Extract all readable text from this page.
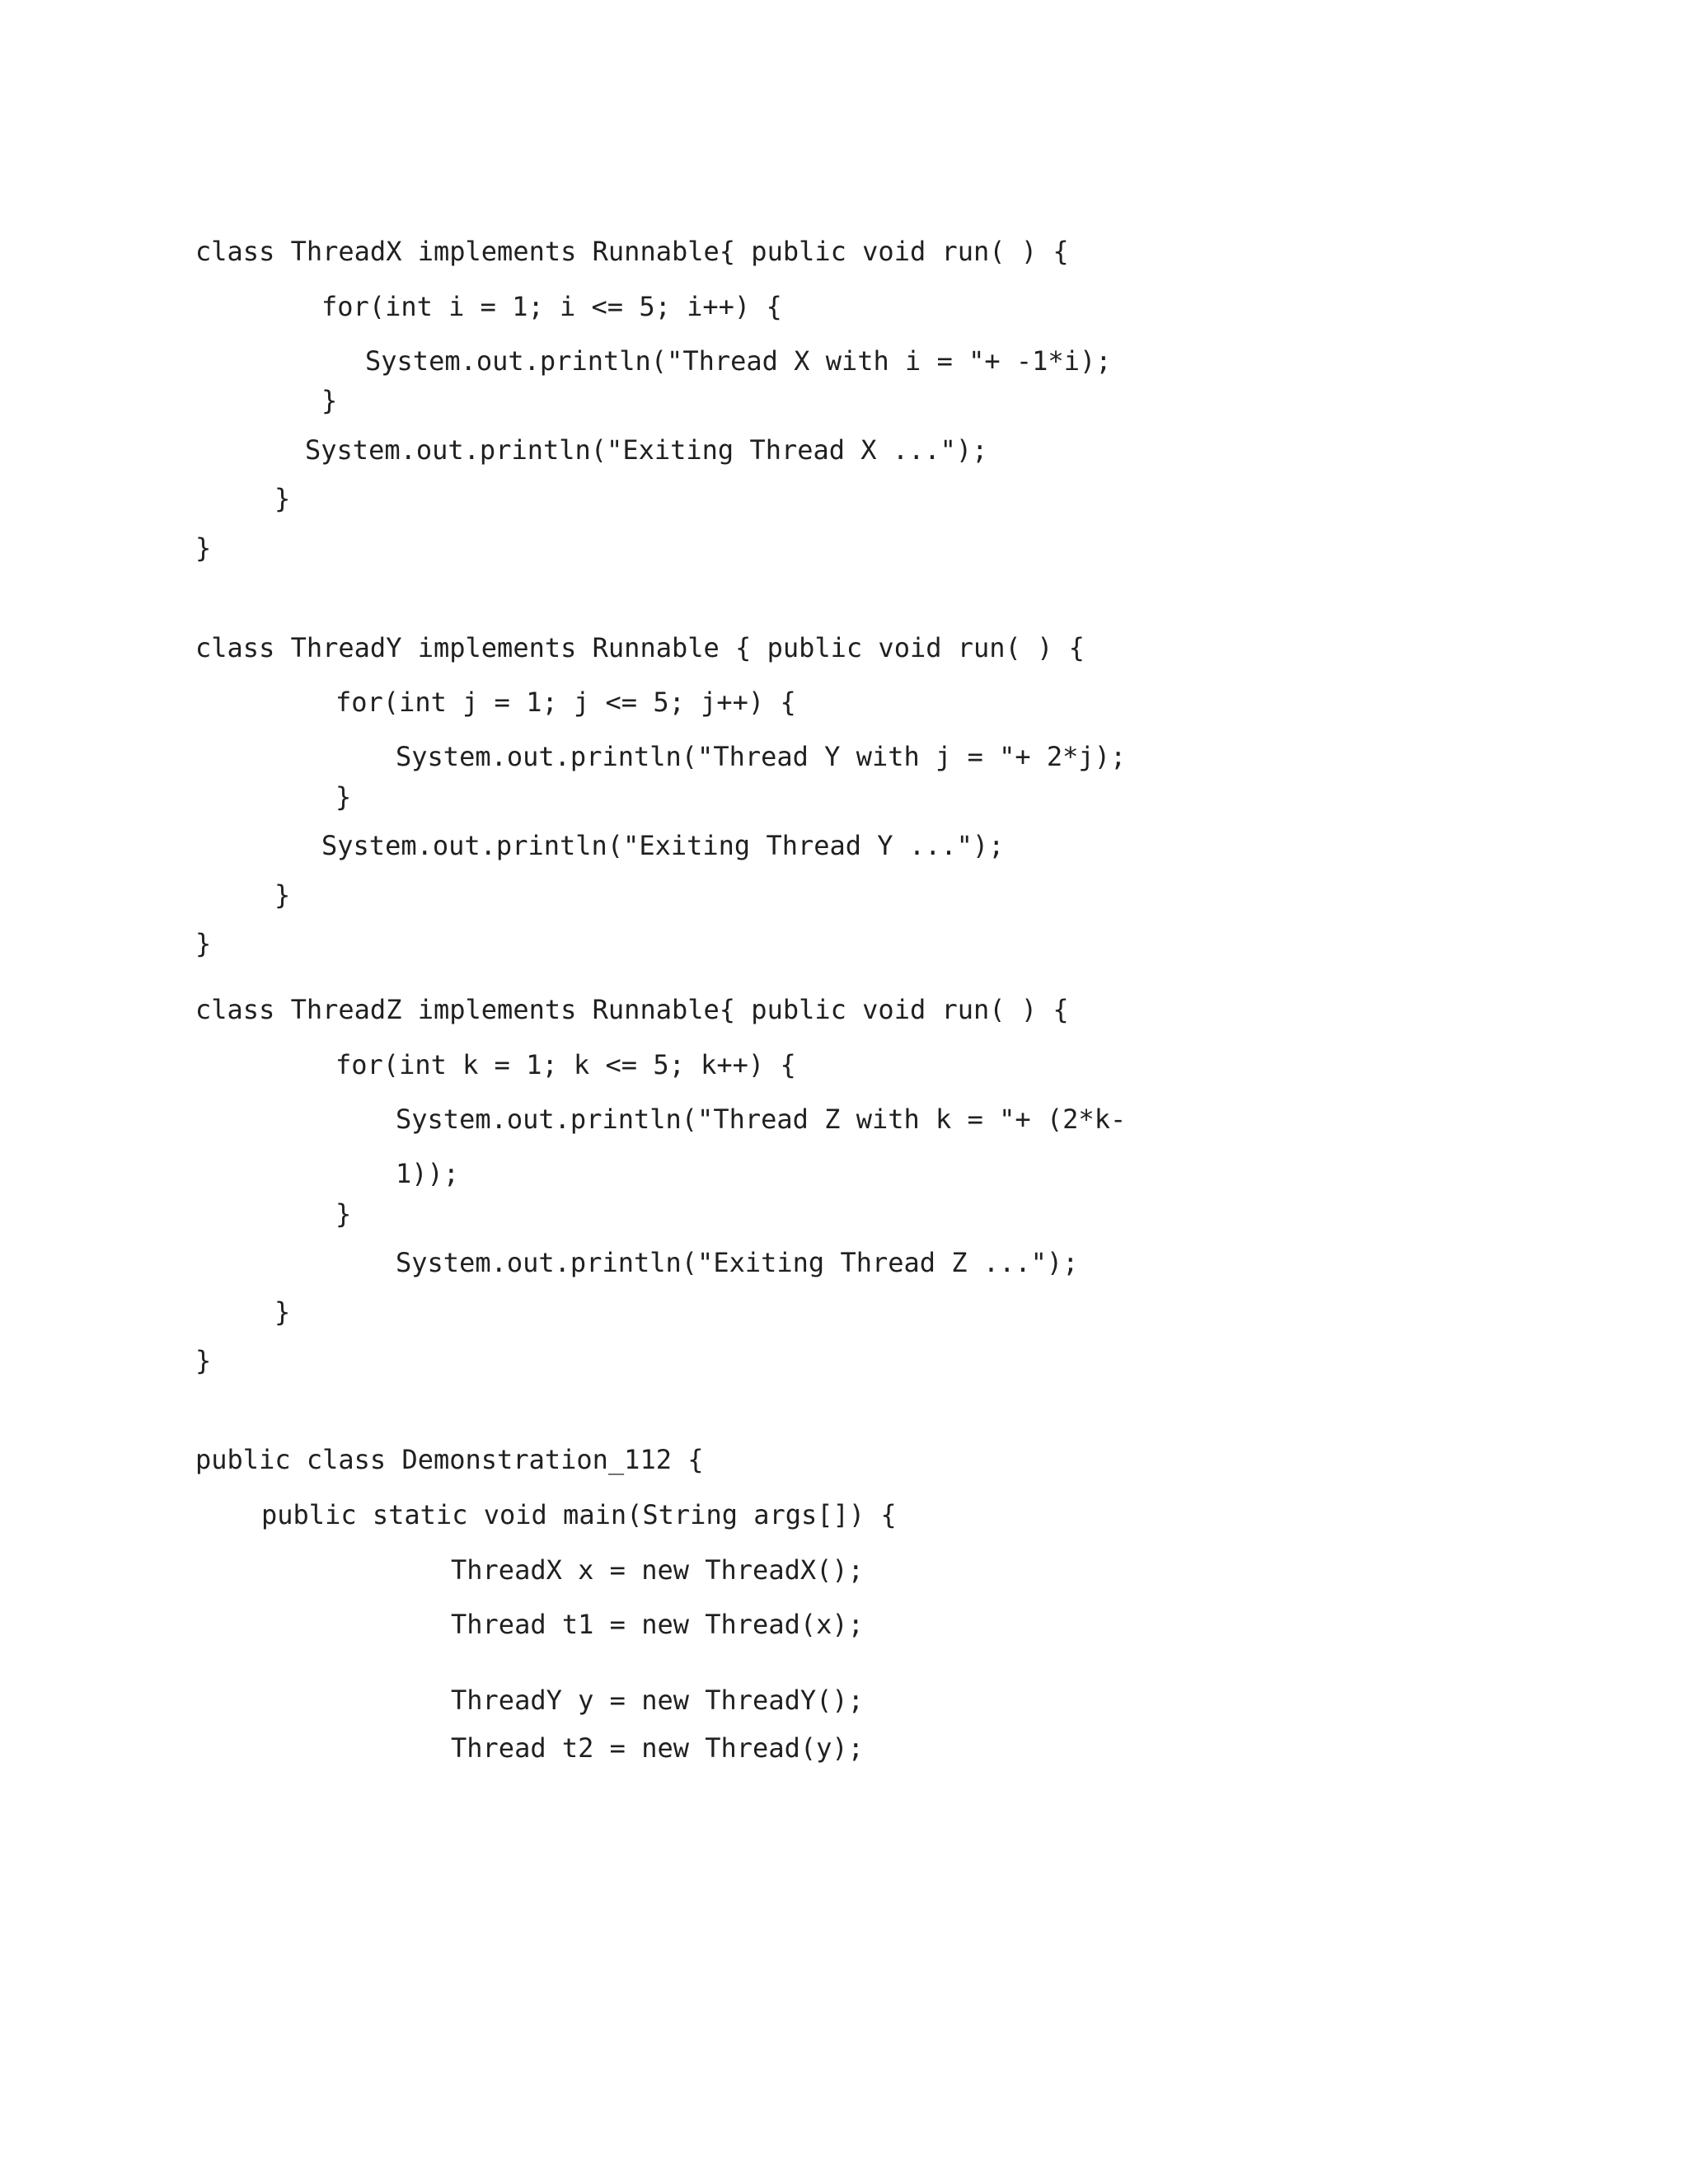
class ThreadX implements Runnable{ public void run( ) {

for(int i = 1; i <= 5; i++) {

System.out.println("Thread X with i = "+ -1*i);

}

System.out.println("Exiting Thread X ...");

}

}

class ThreadY implements Runnable { public void run( ) {

for(int j = 1; j <= 5; j++) {

System.out.println("Thread Y with j = "+ 2*j);

}

System.out.println("Exiting Thread Y ...");

}

}

class ThreadZ implements Runnable{ public void run( ) {

for(int k = 1; k <= 5; k++) {

System.out.println("Thread Z with k = "+ (2*k-

1));

}

System.out.println("Exiting Thread Z ...");

}

}

public class Demonstration_112 {

public static void main(String args[]) {

ThreadX x = new ThreadX();

Thread t1 = new Thread(x);

ThreadY y = new ThreadY();

Thread t2 = new Thread(y);
